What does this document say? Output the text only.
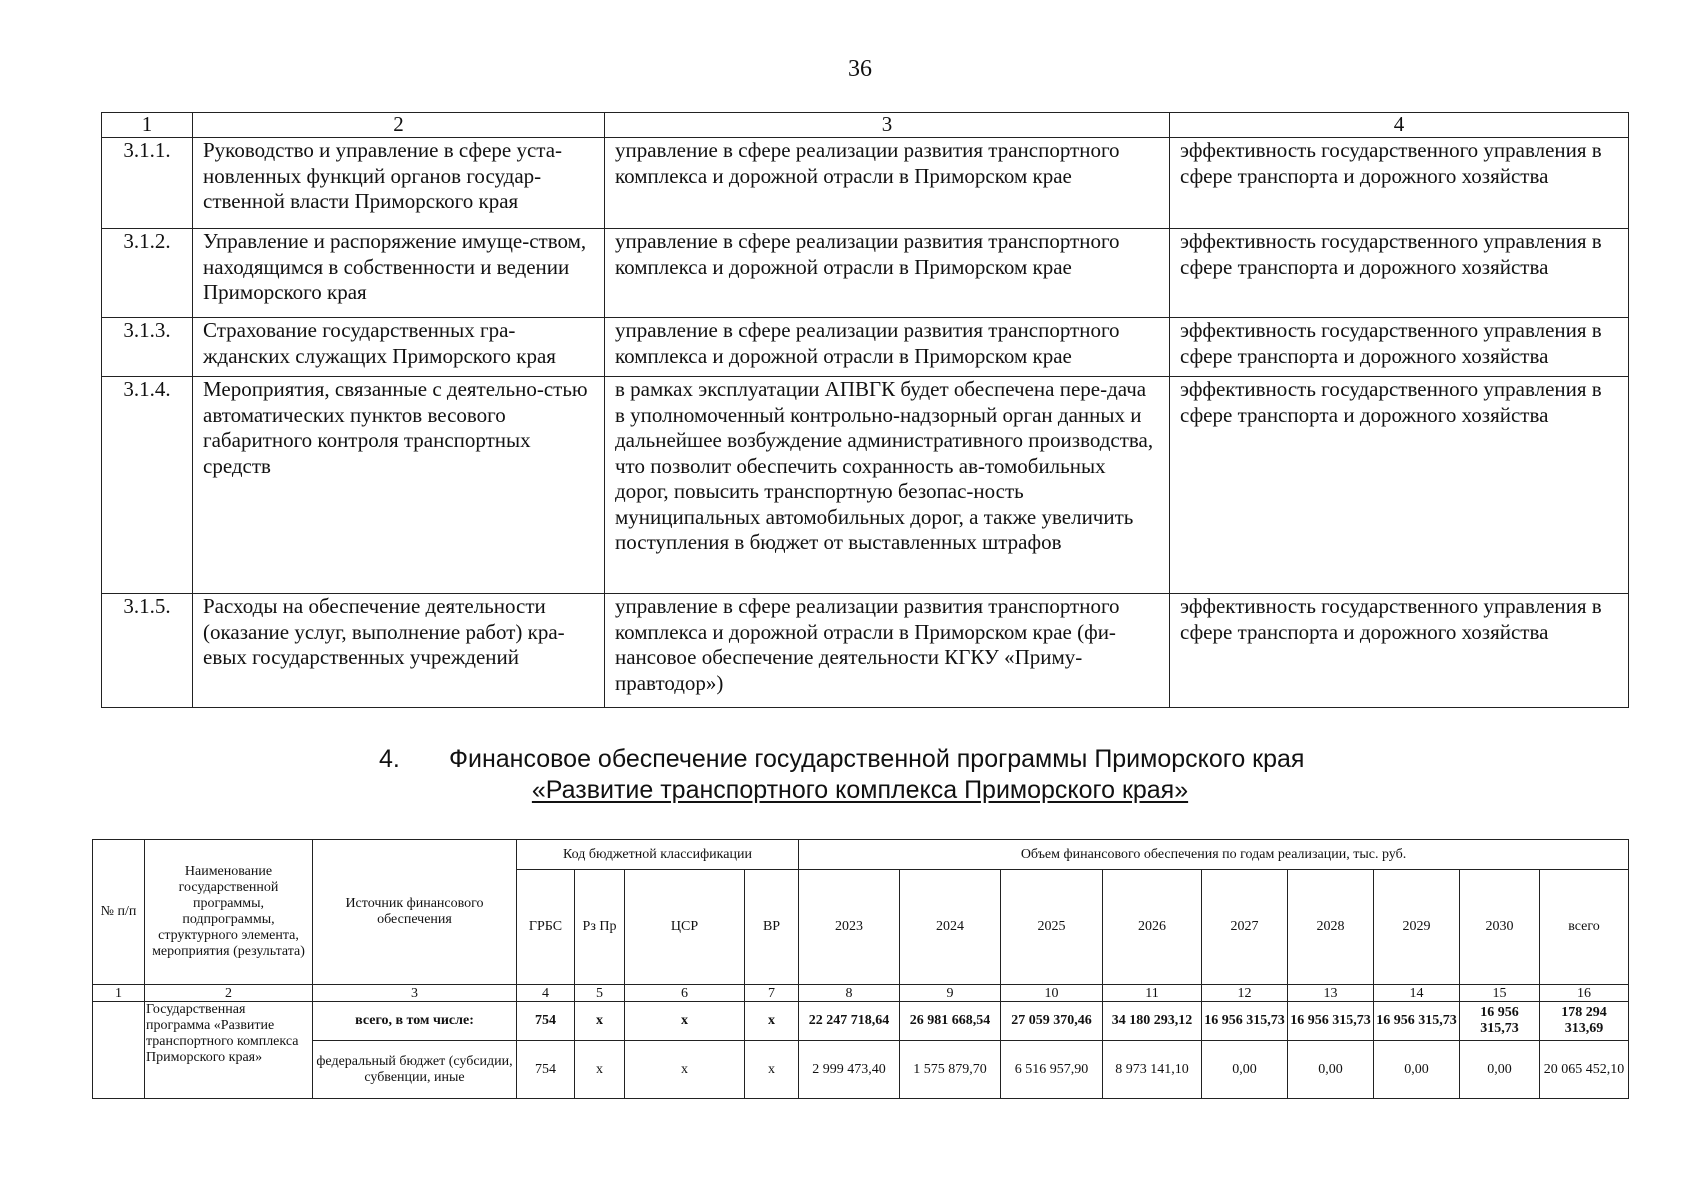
36
1	2	3	4
3.1.1.	Руководство и управление в сфере уста-новленных функций органов государ-ственной власти Приморского края	управление в сфере реализации развития транспортного комплекса и дорожной отрасли в Приморском крае	эффективность государственного управления в сфере транспорта и дорожного хозяйства
3.1.2.	Управление и распоряжение имуще-ством, находящимся в собственности и ведении Приморского края	управление в сфере реализации развития транспортного комплекса и дорожной отрасли в Приморском крае	эффективность государственного управления в сфере транспорта и дорожного хозяйства
3.1.3.	Страхование государственных гра-жданских служащих Приморского края	управление в сфере реализации развития транспортного комплекса и дорожной отрасли в Приморском крае	эффективность государственного управления в сфере транспорта и дорожного хозяйства
3.1.4.	Мероприятия, связанные с деятельно-стью автоматических пунктов весового габаритного контроля транспортных средств	в рамках эксплуатации АПВГК будет обеспечена пере-дача в уполномоченный контрольно-надзорный орган данных и дальнейшее возбуждение административного производства, что позволит обеспечить сохранность ав-томобильных дорог, повысить транспортную безопас-ность муниципальных автомобильных дорог, а также увеличить поступления в бюджет от выставленных штрафов	эффективность государственного управления в сфере транспорта и дорожного хозяйства
3.1.5.	Расходы на обеспечение деятельности (оказание услуг, выполнение работ) кра-евых государственных учреждений	управление в сфере реализации развития транспортного комплекса и дорожной отрасли в Приморском крае (фи-нансовое обеспечение деятельности КГКУ «Приму-правтодор»)	эффективность государственного управления в сфере транспорта и дорожного хозяйства
4. Финансовое обеспечение государственной программы Приморского края
«Развитие транспортного комплекса Приморского края»
№ п/п	Наименование государственной программы, подпрограммы, структурного элемента, мероприятия (результата)	Источник финансового обеспечения	Код бюджетной классификации				Объем финансового обеспечения по годам реализации, тыс. руб.								
			ГРБС	Рз Пр	ЦСР	ВР	2023	2024	2025	2026	2027	2028	2029	2030	всего
1	2	3	4	5	6	7	8	9	10	11	12	13	14	15	16
	Государственная программа «Развитие транспортного комплекса Приморского края»	всего, в том числе:	754	x	x	x	22 247 718,64	26 981 668,54	27 059 370,46	34 180 293,12	16 956 315,73	16 956 315,73	16 956 315,73	16 956 315,73	178 294 313,69
		федеральный бюджет (субсидии, субвенции, иные	754	x	x	x	2 999 473,40	1 575 879,70	6 516 957,90	8 973 141,10	0,00	0,00	0,00	0,00	20 065 452,10
